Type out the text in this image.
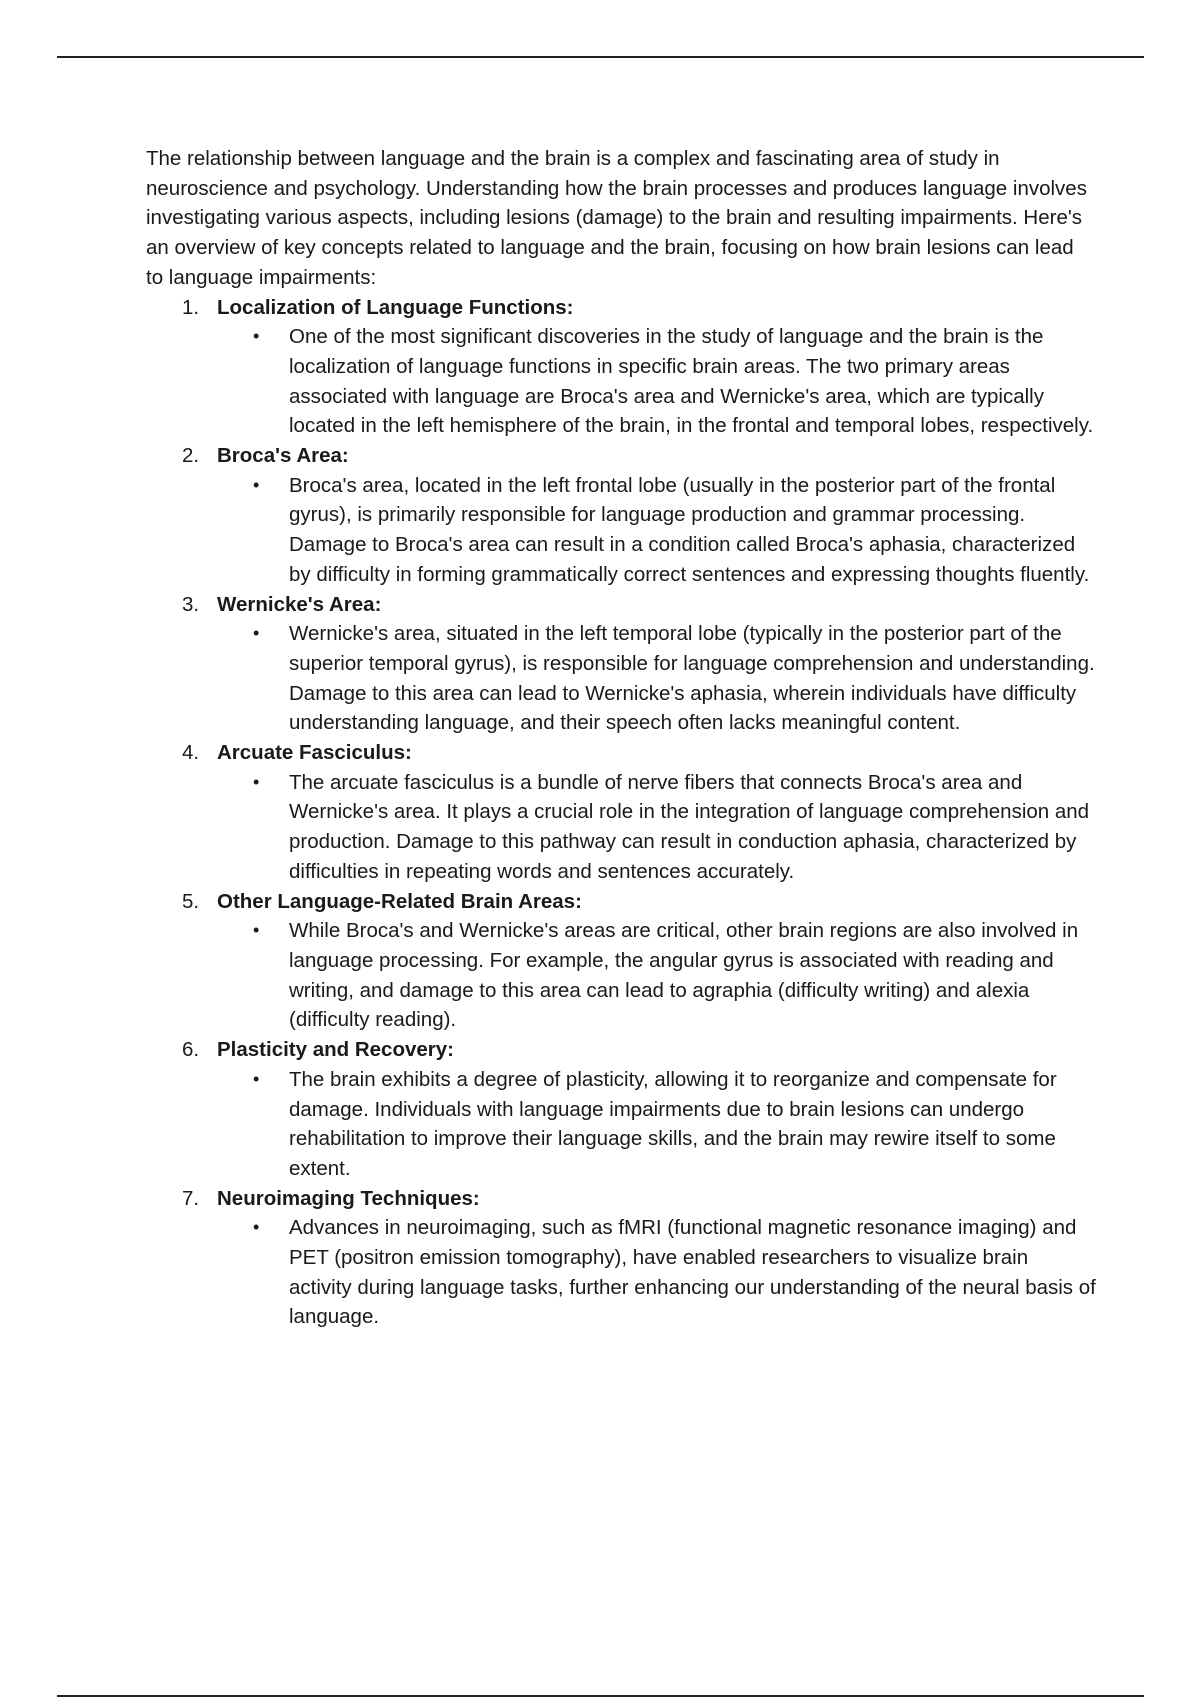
The relationship between language and the brain is a complex and fascinating area of study in neuroscience and psychology. Understanding how the brain processes and produces language involves investigating various aspects, including lesions (damage) to the brain and resulting impairments. Here's an overview of key concepts related to language and the brain, focusing on how brain lesions can lead to language impairments:

1. Localization of Language Functions:
• One of the most significant discoveries in the study of language and the brain is the localization of language functions in specific brain areas. The two primary areas associated with language are Broca's area and Wernicke's area, which are typically located in the left hemisphere of the brain, in the frontal and temporal lobes, respectively.
2. Broca's Area:
• Broca's area, located in the left frontal lobe (usually in the posterior part of the frontal gyrus), is primarily responsible for language production and grammar processing. Damage to Broca's area can result in a condition called Broca's aphasia, characterized by difficulty in forming grammatically correct sentences and expressing thoughts fluently.
3. Wernicke's Area:
• Wernicke's area, situated in the left temporal lobe (typically in the posterior part of the superior temporal gyrus), is responsible for language comprehension and understanding. Damage to this area can lead to Wernicke's aphasia, wherein individuals have difficulty understanding language, and their speech often lacks meaningful content.
4. Arcuate Fasciculus:
• The arcuate fasciculus is a bundle of nerve fibers that connects Broca's area and Wernicke's area. It plays a crucial role in the integration of language comprehension and production. Damage to this pathway can result in conduction aphasia, characterized by difficulties in repeating words and sentences accurately.
5. Other Language-Related Brain Areas:
• While Broca's and Wernicke's areas are critical, other brain regions are also involved in language processing. For example, the angular gyrus is associated with reading and writing, and damage to this area can lead to agraphia (difficulty writing) and alexia (difficulty reading).
6. Plasticity and Recovery:
• The brain exhibits a degree of plasticity, allowing it to reorganize and compensate for damage. Individuals with language impairments due to brain lesions can undergo rehabilitation to improve their language skills, and the brain may rewire itself to some extent.
7. Neuroimaging Techniques:
• Advances in neuroimaging, such as fMRI (functional magnetic resonance imaging) and PET (positron emission tomography), have enabled researchers to visualize brain activity during language tasks, further enhancing our understanding of the neural basis of language.
